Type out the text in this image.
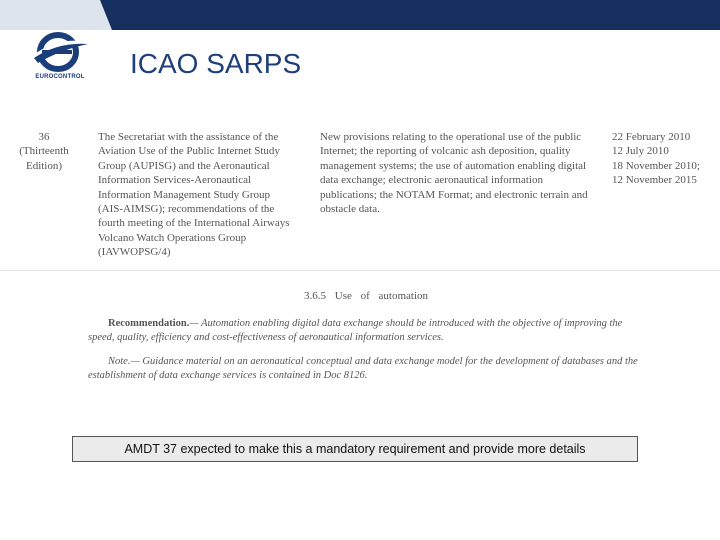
EUROCONTROL ICAO SARPS
36
(Thirteenth
Edition)
The Secretariat with the assistance of the
Aviation Use of the Public Internet Study
Group (AUPISG) and the Aeronautical
Information Services-Aeronautical
Information Management Study Group
(AIS-AIMSG); recommendations of the
fourth meeting of the International Airways
Volcano Watch Operations Group
(IAVWOPSG/4)
New provisions relating to the operational use of the public
Internet; the reporting of volcanic ash deposition, quality
management systems; the use of automation enabling digital
data exchange; electronic aeronautical information
publications; the NOTAM Format; and electronic terrain and
obstacle data.
22 February 2010
12 July 2010
18 November 2010;
12 November 2015
3.6.5 Use of automation
Recommendation.— Automation enabling digital data exchange should be introduced with the objective of improving the speed, quality, efficiency and cost-effectiveness of aeronautical information services.
Note.— Guidance material on an aeronautical conceptual and data exchange model for the development of databases and the establishment of data exchange services is contained in Doc 8126.
AMDT 37 expected to make this a mandatory requirement and provide more details
